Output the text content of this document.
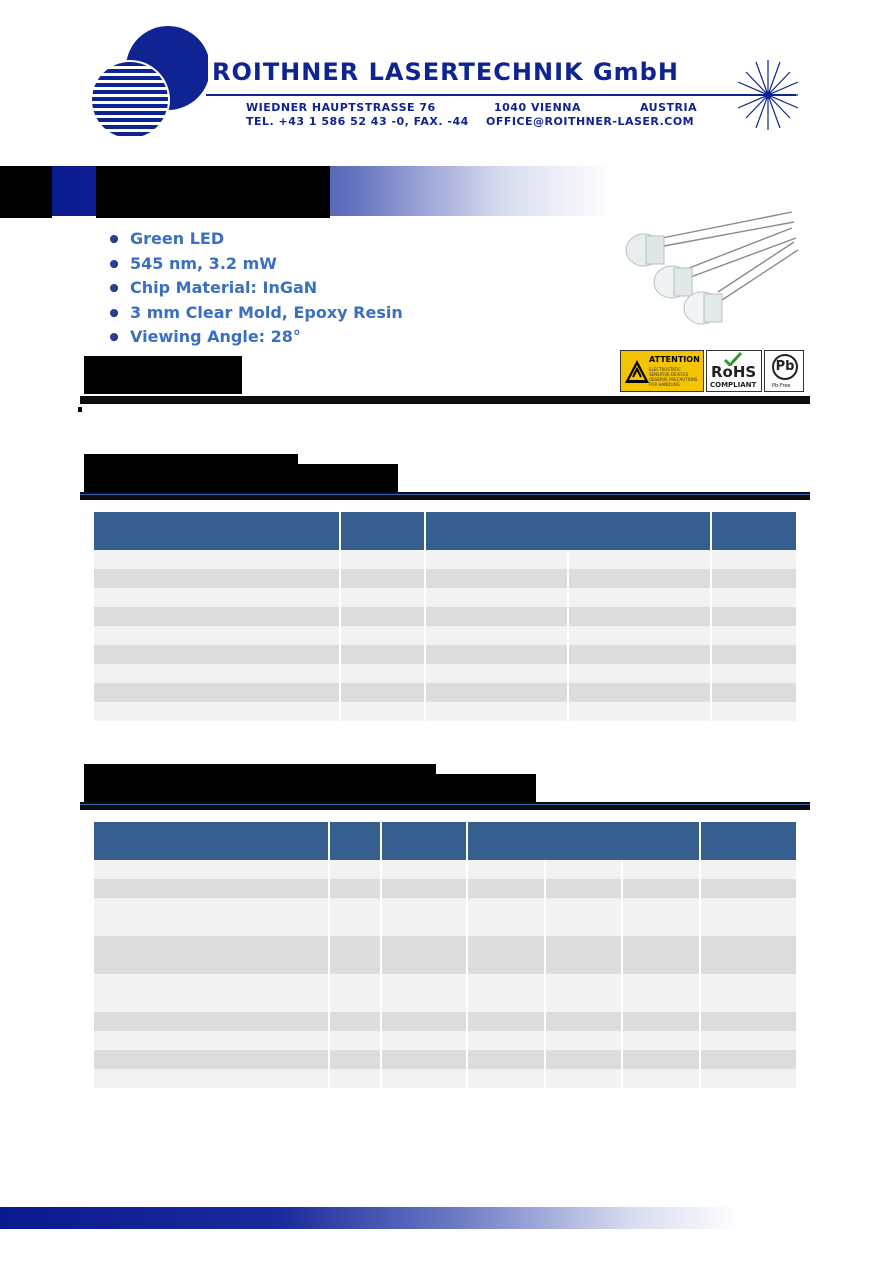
ROITHNER LASERTECHNIK GmbH
WIEDNER HAUPTSTRASSE 76	1040 VIENNA	AUSTRIA
TEL. +43 1 586 52 43 -0, FAX. -44 OFFICE@ROITHNER-LASER.COM
Green LED
545 nm, 3.2 mW
Chip Material: InGaN
3 mm Clear Mold, Epoxy Resin
Viewing Angle: 28°
ATTENTION
ELECTROSTATIC SENSITIVE DEVICES OBSERVE PRECAUTIONS FOR HANDLING
RoHS
COMPLIANT
Pb
Pb-Free
